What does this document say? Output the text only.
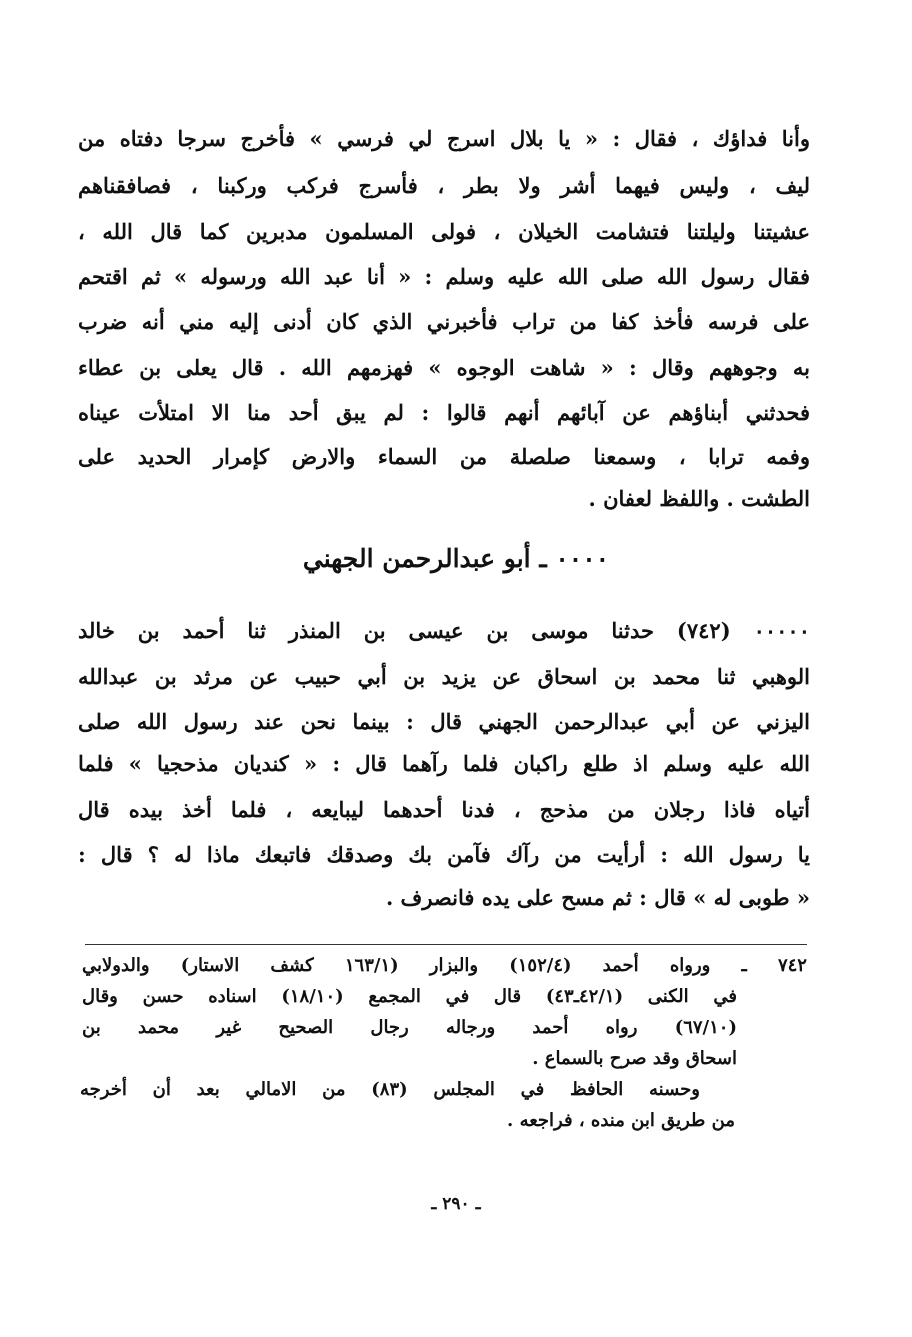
وأنا فداؤك ، فقال : « يا بلال اسرج لي فرسي » فأخرج سرجا دفتاه من
ليف ، وليس فيهما أشر ولا بطر ، فأسرج فركب وركبنا ، فصافقناهم
عشيتنا وليلتنا فتشامت الخيلان ، فولى المسلمون مدبرين كما قال الله ،
فقال رسول الله صلى الله عليه وسلم : « أنا عبد الله ورسوله » ثم اقتحم
على فرسه فأخذ كفا من تراب فأخبرني الذي كان أدنى إليه مني أنه ضرب
به وجوههم وقال : « شاهت الوجوه » فهزمهم الله . قال يعلى بن عطاء
فحدثني أبناؤهم عن آبائهم أنهم قالوا : لم يبق أحد منا الا امتلأت عيناه
وفمه ترابا ، وسمعنا صلصلة من السماء والارض كإمرار الحديد على
الطشت . واللفظ لعفان .
٠٠٠٠ ـ أبو عبدالرحمن الجهني
٠٠٠٠٠ (٧٤٢) حدثنا موسى بن عيسى بن المنذر ثنا أحمد بن خالد
الوهبي ثنا محمد بن اسحاق عن يزيد بن أبي حبيب عن مرثد بن عبدالله
اليزني عن أبي عبدالرحمن الجهني قال : بينما نحن عند رسول الله صلى
الله عليه وسلم اذ طلع راكبان فلما رآهما قال : « كنديان مذحجيا » فلما
أتياه فاذا رجلان من مذحج ، فدنا أحدهما ليبايعه ، فلما أخذ بيده قال
يا رسول الله : أرأيت من رآك فآمن بك وصدقك فاتبعك ماذا له ؟ قال :
« طوبى له » قال : ثم مسح على يده فانصرف .
٧٤٢ ـ ورواه أحمد (١٥٢/٤) والبزار (١٦٣/١ كشف الاستار) والدولابي
في الكنى (٤٢/١ـ٤٣) قال في المجمع (١٨/١٠) اسناده حسن وقال
(٦٧/١٠) رواه أحمد ورجاله رجال الصحيح غير محمد بن
اسحاق وقد صرح بالسماع .
وحسنه الحافظ في المجلس (٨٣) من الامالي بعد أن أخرجه
من طريق ابن منده ، فراجعه .
ـ ٢٩٠ ـ
